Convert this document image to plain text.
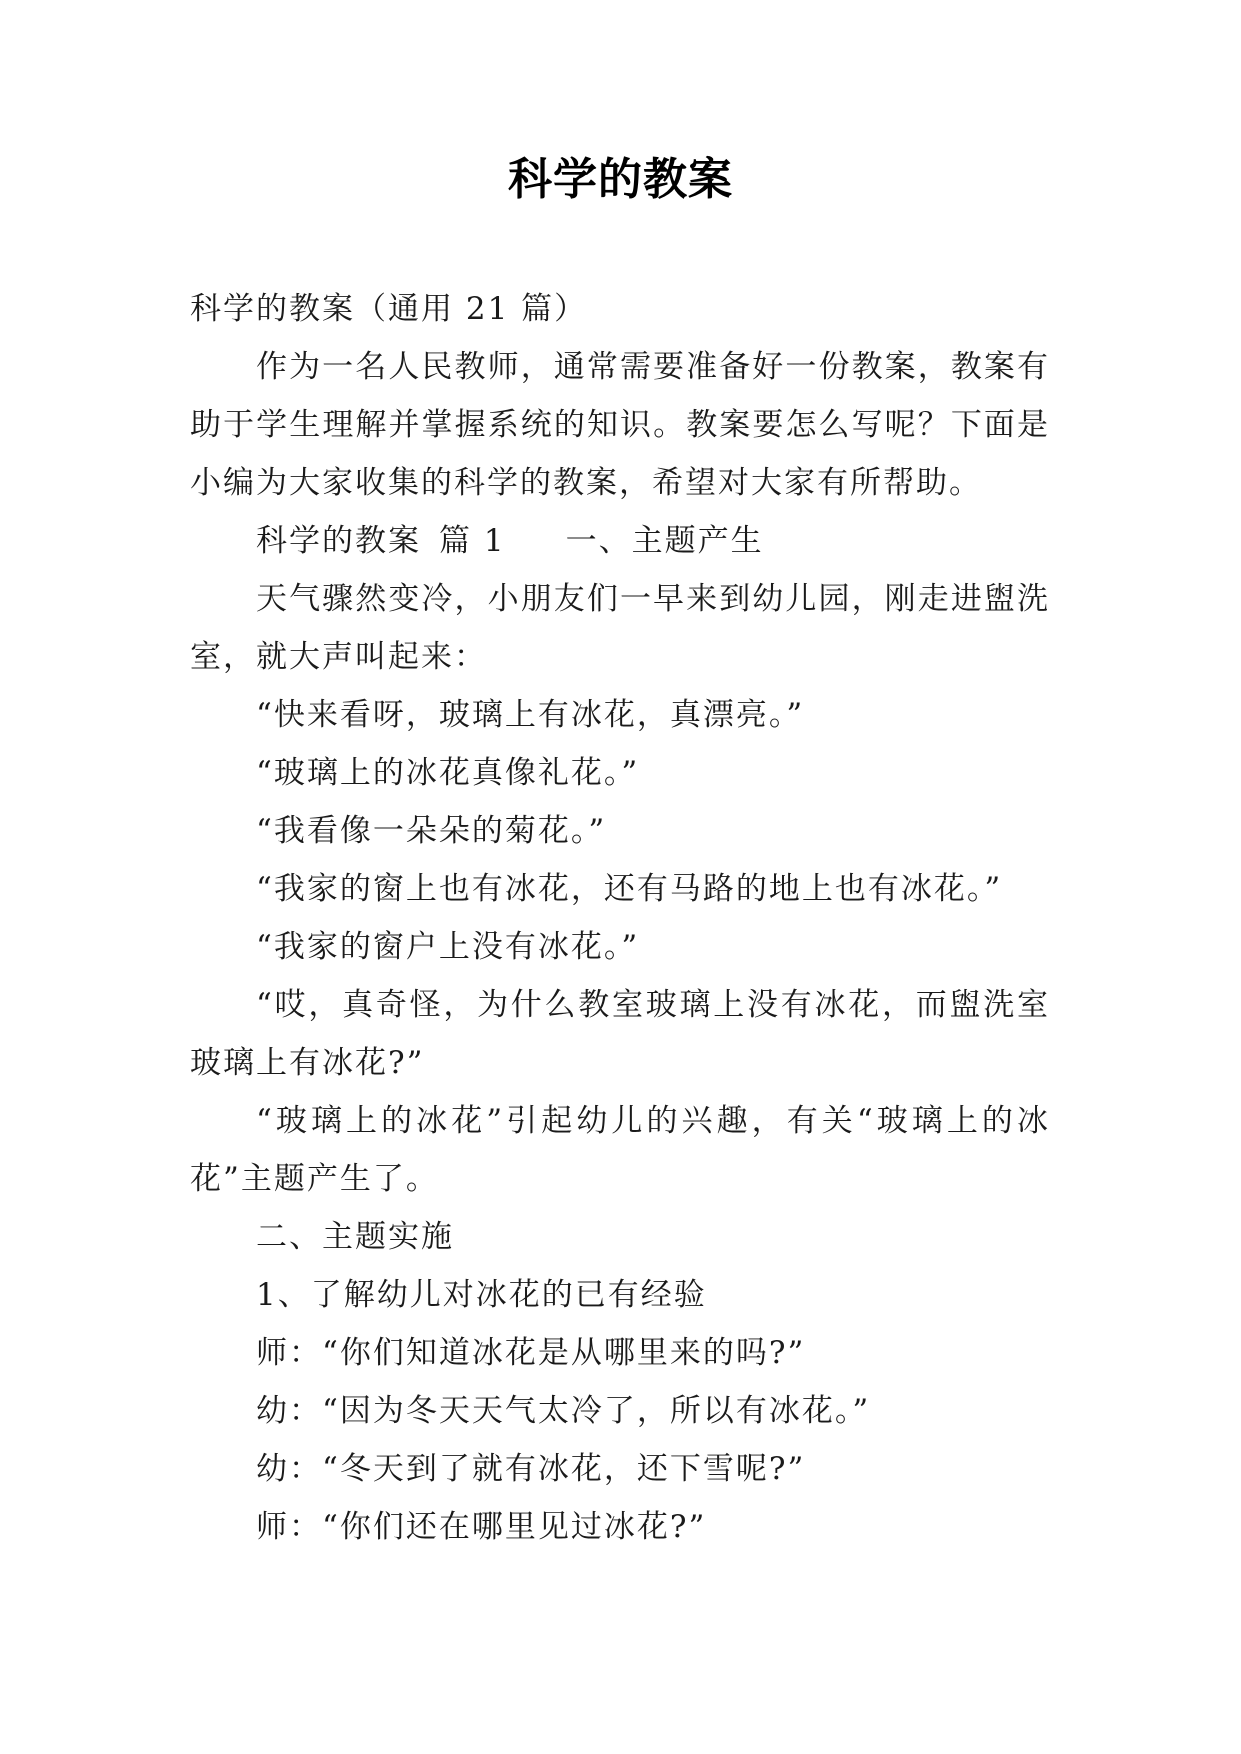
科学的教案

科学的教案（通用 21 篇）

作为一名人民教师，通常需要准备好一份教案，教案有助于学生理解并掌握系统的知识。教案要怎么写呢？下面是小编为大家收集的科学的教案，希望对大家有所帮助。

科学的教案 篇 1 一、主题产生

天气骤然变冷，小朋友们一早来到幼儿园，刚走进盥洗室，就大声叫起来：

“快来看呀，玻璃上有冰花，真漂亮。”

“玻璃上的冰花真像礼花。”

“我看像一朵朵的菊花。”

“我家的窗上也有冰花，还有马路的地上也有冰花。”

“我家的窗户上没有冰花。”

“哎，真奇怪，为什么教室玻璃上没有冰花，而盥洗室玻璃上有冰花?”

“玻璃上的冰花”引起幼儿的兴趣，有关“玻璃上的冰花”主题产生了。

二、主题实施

1、了解幼儿对冰花的已有经验

师：“你们知道冰花是从哪里来的吗?”

幼：“因为冬天天气太冷了，所以有冰花。”

幼：“冬天到了就有冰花，还下雪呢?”

师：“你们还在哪里见过冰花?”
